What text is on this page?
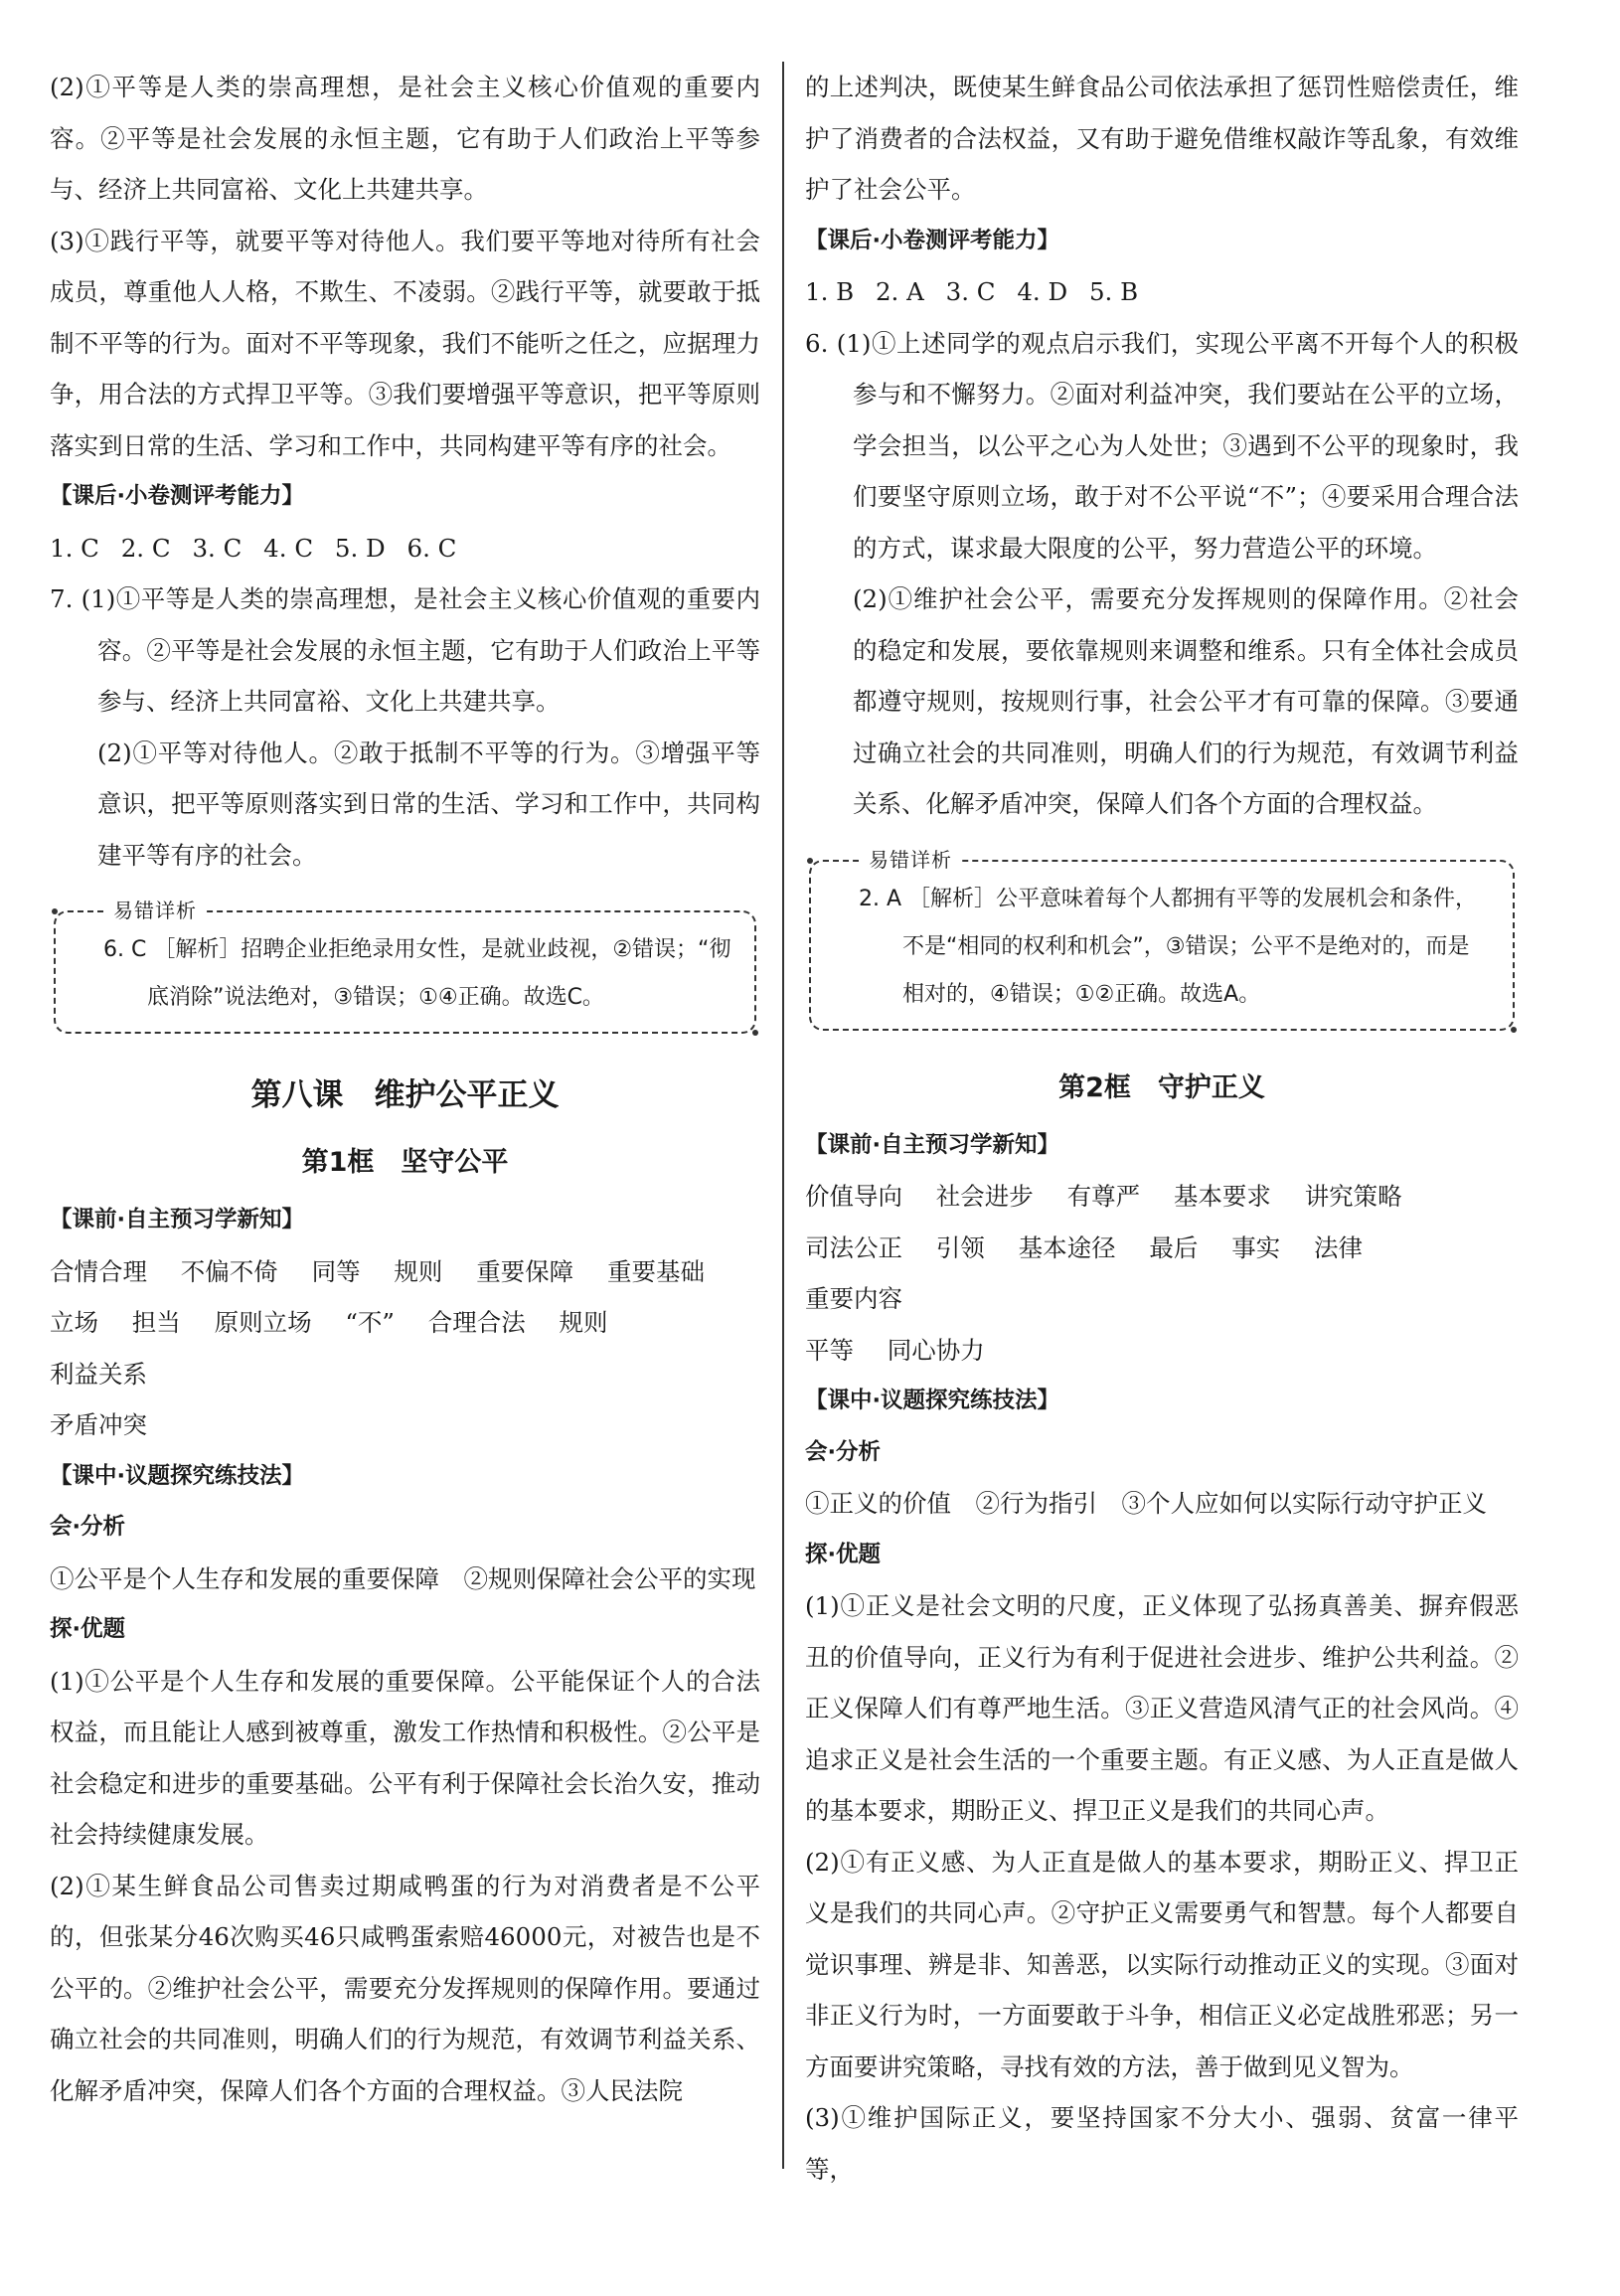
(2)①平等是人类的崇高理想，是社会主义核心价值观的重要内容。②平等是社会发展的永恒主题，它有助于人们政治上平等参与、经济上共同富裕、文化上共建共享。

(3)①践行平等，就要平等对待他人。我们要平等地对待所有社会成员，尊重他人人格，不欺生、不凌弱。②践行平等，就要敢于抵制不平等的行为。面对不平等现象，我们不能听之任之，应据理力争，用合法的方式捍卫平等。③我们要增强平等意识，把平等原则落实到日常的生活、学习和工作中，共同构建平等有序的社会。

【课后·小卷测评考能力】

1. C 2. C 3. C 4. C 5. D 6. C

7. (1)①平等是人类的崇高理想，是社会主义核心价值观的重要内容。②平等是社会发展的永恒主题，它有助于人们政治上平等参与、经济上共同富裕、文化上共建共享。

(2)①平等对待他人。②敢于抵制不平等的行为。③增强平等意识，把平等原则落实到日常的生活、学习和工作中，共同构建平等有序的社会。

易错详析

6. C ［解析］招聘企业拒绝录用女性，是就业歧视，②错误；“彻底消除”说法绝对，③错误；①④正确。故选C。

第八课　维护公平正义

第1框　坚守公平

【课前·自主预习学新知】

合情合理 不偏不倚 同等 规则 重要保障 重要基础

立场 担当 原则立场 “不” 合理合法 规则 利益关系

矛盾冲突

【课中·议题探究练技法】

会·分析

①公平是个人生存和发展的重要保障　②规则保障社会公平的实现

探·优题

(1)①公平是个人生存和发展的重要保障。公平能保证个人的合法权益，而且能让人感到被尊重，激发工作热情和积极性。②公平是社会稳定和进步的重要基础。公平有利于保障社会长治久安，推动社会持续健康发展。

(2)①某生鲜食品公司售卖过期咸鸭蛋的行为对消费者是不公平的，但张某分46次购买46只咸鸭蛋索赔46000元，对被告也是不公平的。②维护社会公平，需要充分发挥规则的保障作用。要通过确立社会的共同准则，明确人们的行为规范，有效调节利益关系、化解矛盾冲突，保障人们各个方面的合理权益。③人民法院

的上述判决，既使某生鲜食品公司依法承担了惩罚性赔偿责任，维护了消费者的合法权益，又有助于避免借维权敲诈等乱象，有效维护了社会公平。

【课后·小卷测评考能力】

1. B 2. A 3. C 4. D 5. B

6. (1)①上述同学的观点启示我们，实现公平离不开每个人的积极参与和不懈努力。②面对利益冲突，我们要站在公平的立场，学会担当，以公平之心为人处世；③遇到不公平的现象时，我们要坚守原则立场，敢于对不公平说“不”；④要采用合理合法的方式，谋求最大限度的公平，努力营造公平的环境。

(2)①维护社会公平，需要充分发挥规则的保障作用。②社会的稳定和发展，要依靠规则来调整和维系。只有全体社会成员都遵守规则，按规则行事，社会公平才有可靠的保障。③要通过确立社会的共同准则，明确人们的行为规范，有效调节利益关系、化解矛盾冲突，保障人们各个方面的合理权益。

易错详析

2. A ［解析］公平意味着每个人都拥有平等的发展机会和条件，不是“相同的权利和机会”，③错误；公平不是绝对的，而是相对的，④错误；①②正确。故选A。

第2框　守护正义

【课前·自主预习学新知】

价值导向 社会进步 有尊严 基本要求 讲究策略

司法公正 引领 基本途径 最后 事实 法律 重要内容

平等 同心协力

【课中·议题探究练技法】

会·分析

①正义的价值　②行为指引　③个人应如何以实际行动守护正义

探·优题

(1)①正义是社会文明的尺度，正义体现了弘扬真善美、摒弃假恶丑的价值导向，正义行为有利于促进社会进步、维护公共利益。②正义保障人们有尊严地生活。③正义营造风清气正的社会风尚。④追求正义是社会生活的一个重要主题。有正义感、为人正直是做人的基本要求，期盼正义、捍卫正义是我们的共同心声。

(2)①有正义感、为人正直是做人的基本要求，期盼正义、捍卫正义是我们的共同心声。②守护正义需要勇气和智慧。每个人都要自觉识事理、辨是非、知善恶，以实际行动推动正义的实现。③面对非正义行为时，一方面要敢于斗争，相信正义必定战胜邪恶；另一方面要讲究策略，寻找有效的方法，善于做到见义智为。

(3)①维护国际正义，要坚持国家不分大小、强弱、贫富一律平等，
